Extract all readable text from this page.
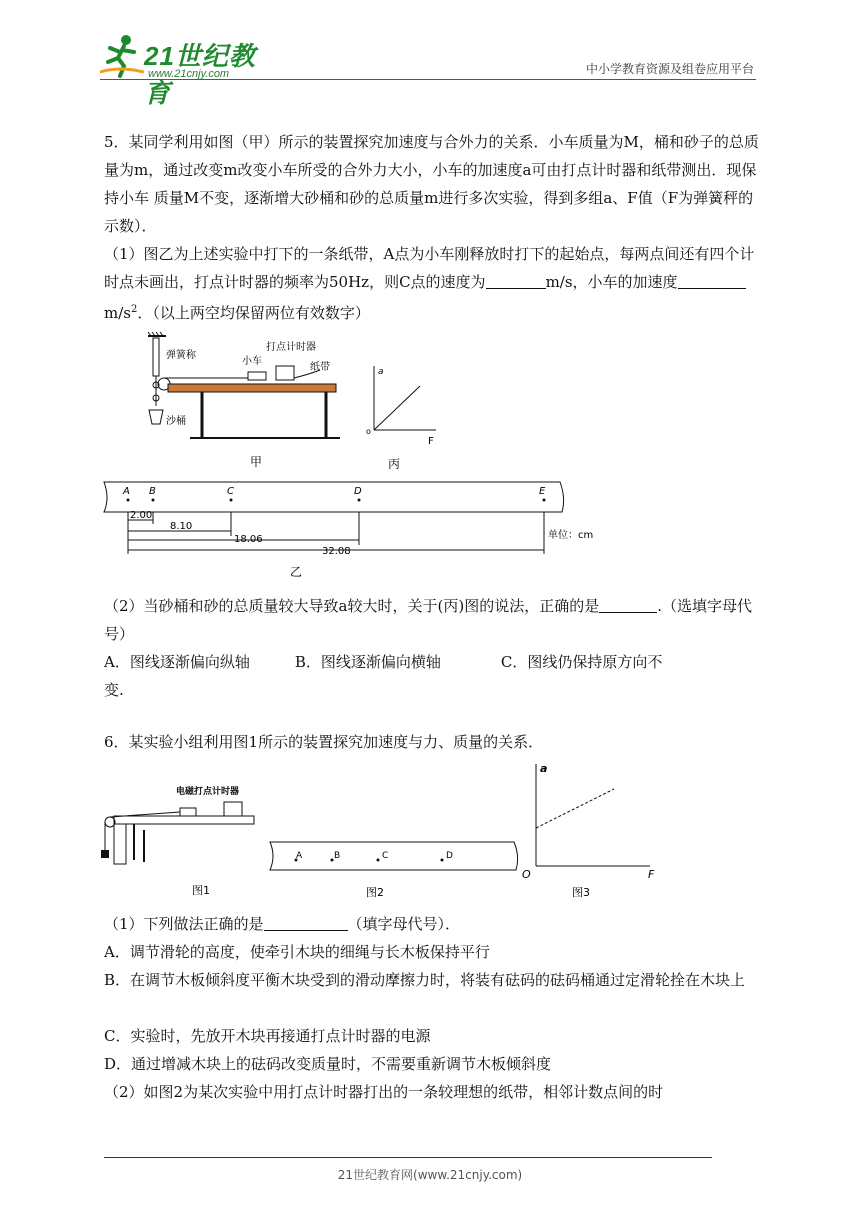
21世纪教育
www.21cnjy.com	中小学教育资源及组卷应用平台

5．某同学利用如图（甲）所示的装置探究加速度与合外力的关系．小车质量为M，桶和砂子的总质量为m，通过改变m改变小车所受的合外力大小，小车的加速度a可由打点计时器和纸带测出．现保持小车 质量M不变，逐渐增大砂桶和砂的总质量m进行多次实验，得到多组a、F值（F为弹簧秤的示数）．

（1）图乙为上述实验中打下的一条纸带，A点为小车刚释放时打下的起始点，每两点间还有四个计时点未画出，打点计时器的频率为50Hz，则C点的速度为	m/s，小车的加速度$m/s^2$．（以上两空均保留两位有效数字）

弹簧称
小车
打点计时器
纸带
沙桶
甲
a
F
o
丙
A B	C	D	E
2.00
8.10
18.06
32.08
单位：cm
乙

（2）当砂桶和砂的总质量较大导致a较大时，关于(丙)图的说法，正确的是	.（选填字母代号）

A．图线逐渐偏向纵轴　　　B．图线逐渐偏向横轴　　　　C．图线仍保持原方向不

变.

6．某实验小组利用图1所示的装置探究加速度与力、质量的关系．

电磁打点计时器
图1
A	B	C	D
图2
a
F
O
图3

（1）下列做法正确的是	（填字母代号）．

A．调节滑轮的高度，使牵引木块的细绳与长木板保持平行

B．在调节木板倾斜度平衡木块受到的滑动摩擦力时，将装有砝码的砝码桶通过定滑轮拴在木块上

C．实验时，先放开木块再接通打点计时器的电源

D．通过增减木块上的砝码改变质量时，不需要重新调节木板倾斜度

（2）如图2为某次实验中用打点计时器打出的一条较理想的纸带，相邻计数点间的时

21世纪教育网(www.21cnjy.com)
